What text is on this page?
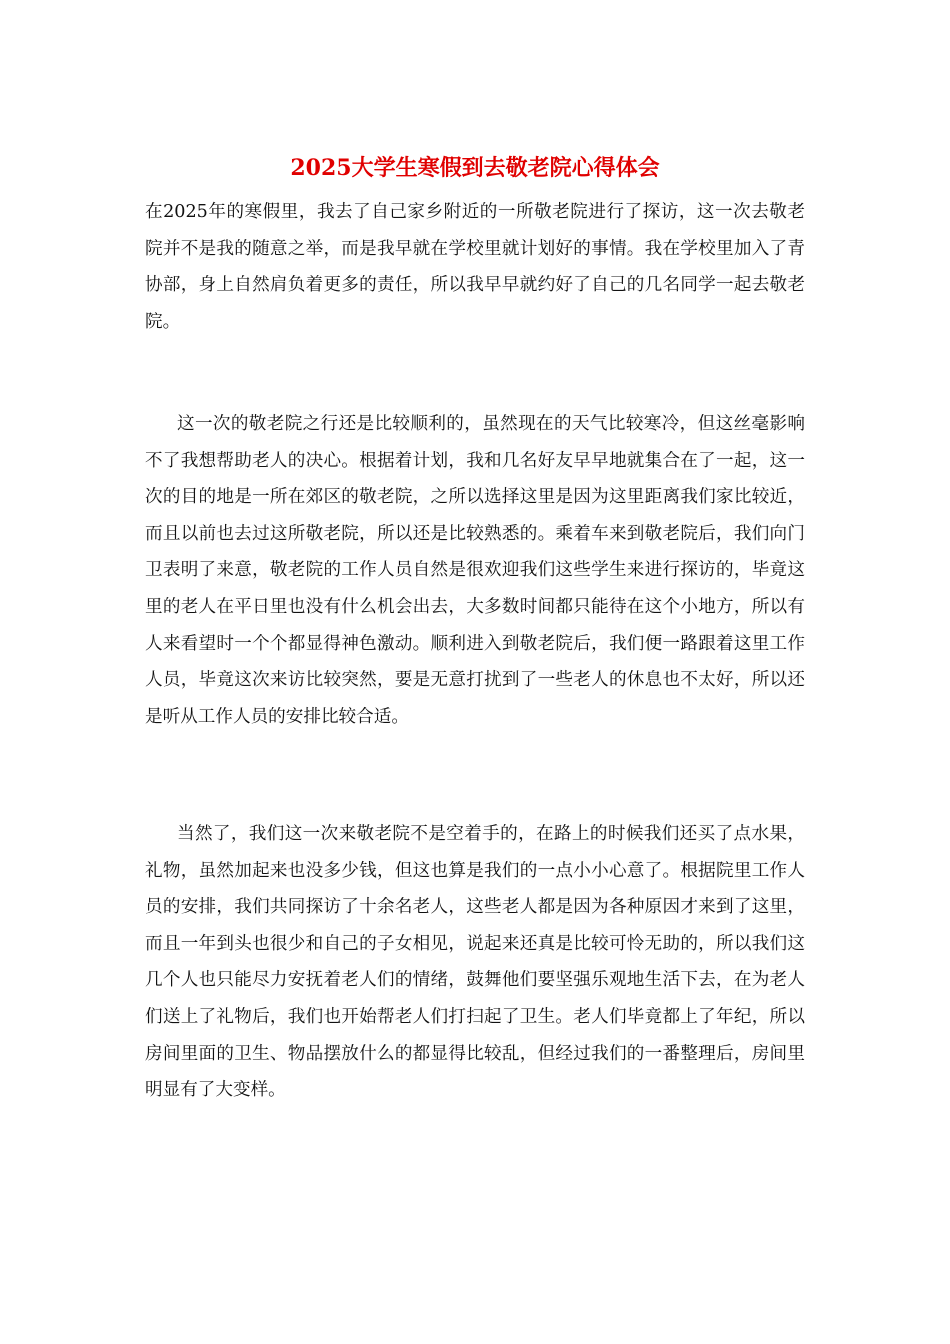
2025大学生寒假到去敬老院心得体会

在2025年的寒假里，我去了自己家乡附近的一所敬老院进行了探访，这一次去敬老院并不是我的随意之举，而是我早就在学校里就计划好的事情。我在学校里加入了青协部，身上自然肩负着更多的责任，所以我早早就约好了自己的几名同学一起去敬老院。

这一次的敬老院之行还是比较顺利的，虽然现在的天气比较寒冷，但这丝毫影响不了我想帮助老人的决心。根据着计划，我和几名好友早早地就集合在了一起，这一次的目的地是一所在郊区的敬老院，之所以选择这里是因为这里距离我们家比较近，而且以前也去过这所敬老院，所以还是比较熟悉的。乘着车来到敬老院后，我们向门卫表明了来意，敬老院的工作人员自然是很欢迎我们这些学生来进行探访的，毕竟这里的老人在平日里也没有什么机会出去，大多数时间都只能待在这个小地方，所以有人来看望时一个个都显得神色激动。顺利进入到敬老院后，我们便一路跟着这里工作人员，毕竟这次来访比较突然，要是无意打扰到了一些老人的休息也不太好，所以还是听从工作人员的安排比较合适。

当然了，我们这一次来敬老院不是空着手的，在路上的时候我们还买了点水果，礼物，虽然加起来也没多少钱，但这也算是我们的一点小小心意了。根据院里工作人员的安排，我们共同探访了十余名老人，这些老人都是因为各种原因才来到了这里，而且一年到头也很少和自己的子女相见，说起来还真是比较可怜无助的，所以我们这几个人也只能尽力安抚着老人们的情绪，鼓舞他们要坚强乐观地生活下去，在为老人们送上了礼物后，我们也开始帮老人们打扫起了卫生。老人们毕竟都上了年纪，所以房间里面的卫生、物品摆放什么的都显得比较乱，但经过我们的一番整理后，房间里明显有了大变样。
